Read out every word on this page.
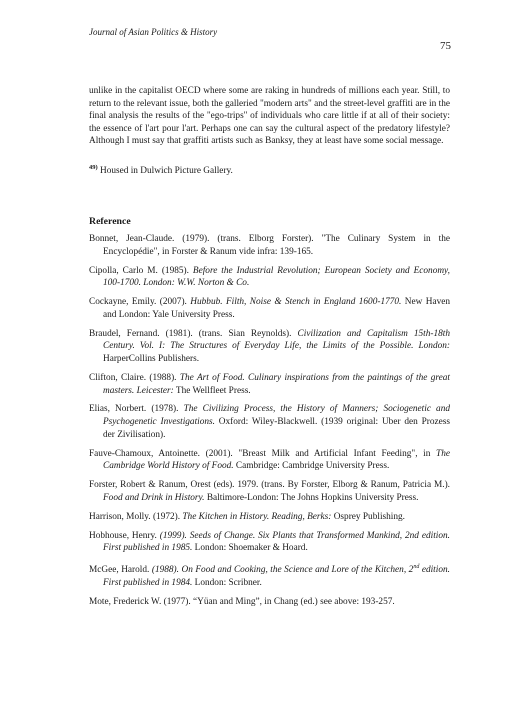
Journal of Asian Politics & History
75

unlike in the capitalist OECD where some are raking in hundreds of millions each year. Still, to return to the relevant issue, both the galleried "modern arts" and the street-level graffiti are in the final analysis the results of the "ego-trips" of individuals who care little if at all of their society: the essence of l'art pour l'art. Perhaps one can say the cultural aspect of the predatory lifestyle? Although I must say that graffiti artists such as Banksy, they at least have some social message.

$^{49)}$ Housed in Dulwich Picture Gallery.

Reference
Bonnet, Jean-Claude. (1979). (trans. Elborg Forster). "The Culinary System in the Encyclopédie", in Forster & Ranum vide infra: 139-165.
Cipolla, Carlo M. (1985). Before the Industrial Revolution; European Society and Economy, 100-1700. London: W.W. Norton & Co.
Cockayne, Emily. (2007). Hubbub. Filth, Noise & Stench in England 1600-1770. New Haven and London: Yale University Press.
Braudel, Fernand. (1981). (trans. Sian Reynolds). Civilization and Capitalism 15th-18th Century. Vol. I: The Structures of Everyday Life, the Limits of the Possible. London: HarperCollins Publishers.
Clifton, Claire. (1988). The Art of Food. Culinary inspirations from the paintings of the great masters. Leicester: The Wellfleet Press.
Elias, Norbert. (1978). The Civilizing Process, the History of Manners; Sociogenetic and Psychogenetic Investigations. Oxford: Wiley-Blackwell. (1939 original: Uber den Prozess der Zivilisation).
Fauve-Chamoux, Antoinette. (2001). "Breast Milk and Artificial Infant Feeding", in The Cambridge World History of Food. Cambridge: Cambridge University Press.
Forster, Robert & Ranum, Orest (eds). 1979. (trans. By Forster, Elborg & Ranum, Patricia M.). Food and Drink in History. Baltimore-London: The Johns Hopkins University Press.
Harrison, Molly. (1972). The Kitchen in History. Reading, Berks: Osprey Publishing.
Hobhouse, Henry. (1999). Seeds of Change. Six Plants that Transformed Mankind, 2nd edition. First published in 1985. London: Shoemaker & Hoard.
McGee, Harold. (1988). On Food and Cooking, the Science and Lore of the Kitchen, 2nd edition. First published in 1984. London: Scribner.
Mote, Frederick W. (1977). “Yüan and Ming”, in Chang (ed.) see above: 193-257.
